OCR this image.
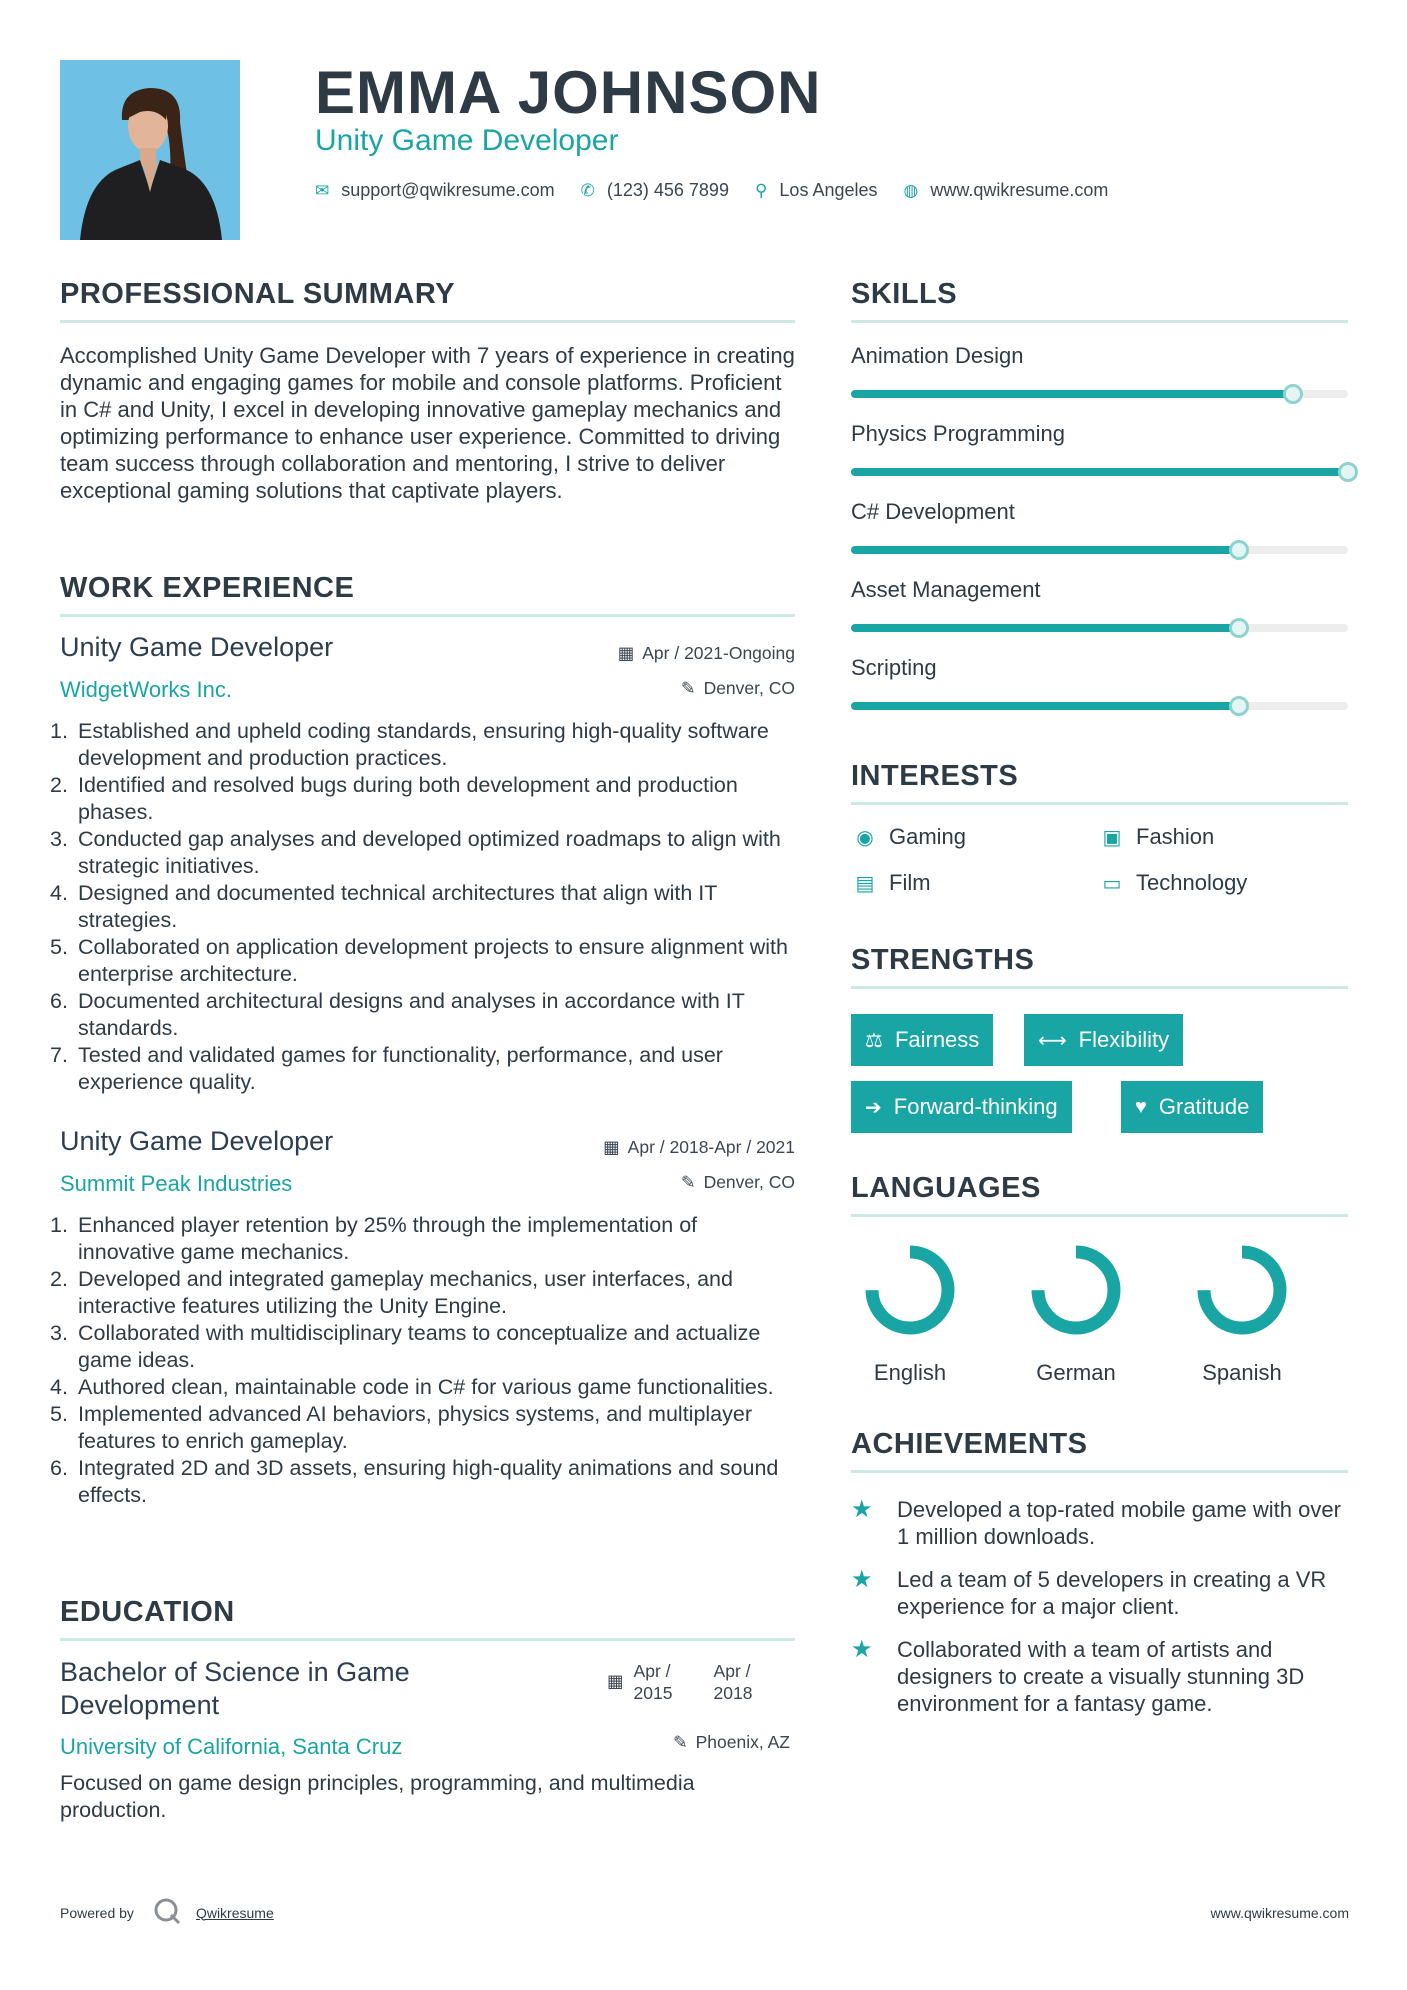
EMMA JOHNSON
Unity Game Developer
✉ support@qwikresume.com ✆ (123) 456 7899 ⚲ Los Angeles ◍ www.qwikresume.com
PROFESSIONAL SUMMARY
Accomplished Unity Game Developer with 7 years of experience in creating dynamic and engaging games for mobile and console platforms. Proficient in C# and Unity, I excel in developing innovative gameplay mechanics and optimizing performance to enhance user experience. Committed to driving team success through collaboration and mentoring, I strive to deliver exceptional gaming solutions that captivate players.
WORK EXPERIENCE
Unity Game Developer	▦ Apr / 2021-Ongoing
WidgetWorks Inc.	✎ Denver, CO
1. Established and upheld coding standards, ensuring high-quality software development and production practices.
2. Identified and resolved bugs during both development and production phases.
3. Conducted gap analyses and developed optimized roadmaps to align with strategic initiatives.
4. Designed and documented technical architectures that align with IT strategies.
5. Collaborated on application development projects to ensure alignment with enterprise architecture.
6. Documented architectural designs and analyses in accordance with IT standards.
7. Tested and validated games for functionality, performance, and user experience quality.
Unity Game Developer	▦ Apr / 2018-Apr / 2021
Summit Peak Industries	✎ Denver, CO
1. Enhanced player retention by 25% through the implementation of innovative game mechanics.
2. Developed and integrated gameplay mechanics, user interfaces, and interactive features utilizing the Unity Engine.
3. Collaborated with multidisciplinary teams to conceptualize and actualize game ideas.
4. Authored clean, maintainable code in C# for various game functionalities.
5. Implemented advanced AI behaviors, physics systems, and multiplayer features to enrich gameplay.
6. Integrated 2D and 3D assets, ensuring high-quality animations and sound effects.
EDUCATION
Bachelor of Science in Game Development
▦ Apr / 2015
Apr / 2018
University of California, Santa Cruz	✎ Phoenix, AZ
Focused on game design principles, programming, and multimedia production.
SKILLS
Animation Design
Physics Programming
C# Development
Asset Management
Scripting
INTERESTS
◉ Gaming	▣ Fashion
▤ Film	▭ Technology
STRENGTHS
⚖ Fairness	⟷ Flexibility
➔ Forward-thinking	♥ Gratitude
LANGUAGES
English	German	Spanish
ACHIEVEMENTS
★ Developed a top-rated mobile game with over 1 million downloads.
★ Led a team of 5 developers in creating a VR experience for a major client.
★ Collaborated with a team of artists and designers to create a visually stunning 3D environment for a fantasy game.
Powered by	Qwikresume	www.qwikresume.com
